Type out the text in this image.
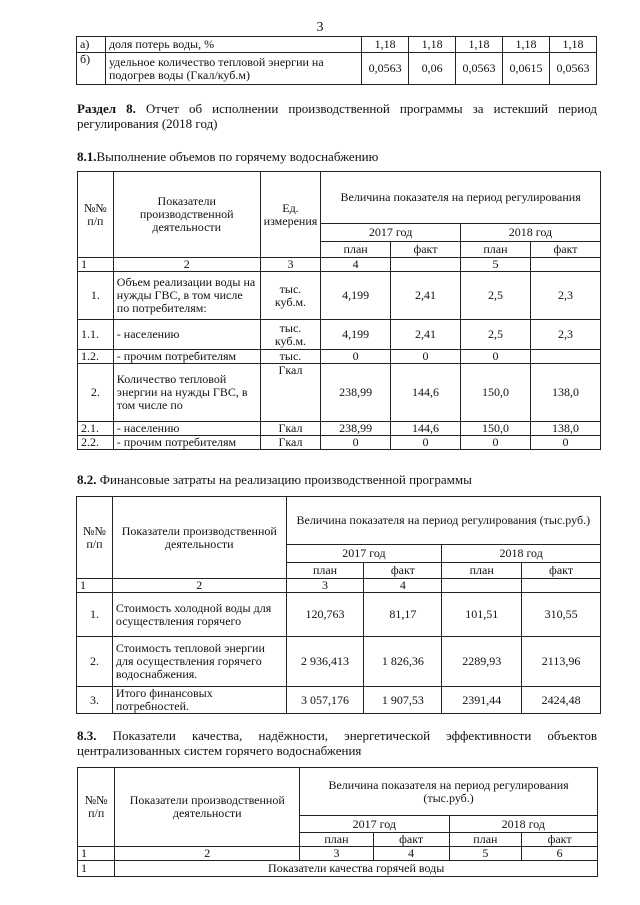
3
а)	доля потерь воды, %	1,18	1,18	1,18	1,18	1,18
б)	удельное количество тепловой энергии на подогрев воды (Гкал/куб.м)	0,0563	0,06	0,0563	0,0615	0,0563
Раздел 8. Отчет об исполнении производственной программы за истекший период регулирования (2018 год)
8.1.Выполнение объемов по горячему водоснабжению
№№ п/п	Показатели производственной деятельности	Ед. измерения	Величина показателя на период регулирования			
			2017 год		2018 год	
			план	факт	план	факт
1	2	3	4		5	
1.	Объем реализации воды на нужды ГВС, в том числе по потребителям:	тыс. куб.м.	4,199	2,41	2,5	2,3
1.1.	- населению	тыс. куб.м.	4,199	2,41	2,5	2,3
1.2.	- прочим потребителям	тыс.	0	0	0	
2.	Количество тепловой энергии на нужды ГВС, в том числе по	Гкал	238,99	144,6	150,0	138,0
2.1.	- населению	Гкал	238,99	144,6	150,0	138,0
2.2.	- прочим потребителям	Гкал	0	0	0	0
8.2. Финансовые затраты на реализацию производственной программы
№№ п/п	Показатели производственной деятельности	Величина показателя на период регулирования (тыс.руб.)			
		2017 год		2018 год	
		план	факт	план	факт
1	2	3	4		
1.	Стоимость холодной воды для осуществления горячего	120,763	81,17	101,51	310,55
2.	Стоимость тепловой энергии для осуществления горячего водоснабжения.	2 936,413	1 826,36	2289,93	2113,96
3.	Итого финансовых потребностей.	3 057,176	1 907,53	2391,44	2424,48
8.3. Показатели качества, надёжности, энергетической эффективности объектов централизованных систем горячего водоснабжения
№№ п/п	Показатели производственной деятельности	Величина показателя на период регулирования (тыс.руб.)			
		2017 год		2018 год	
		план	факт	план	факт
1	2	3	4	5	6
1	Показатели качества горячей воды				
